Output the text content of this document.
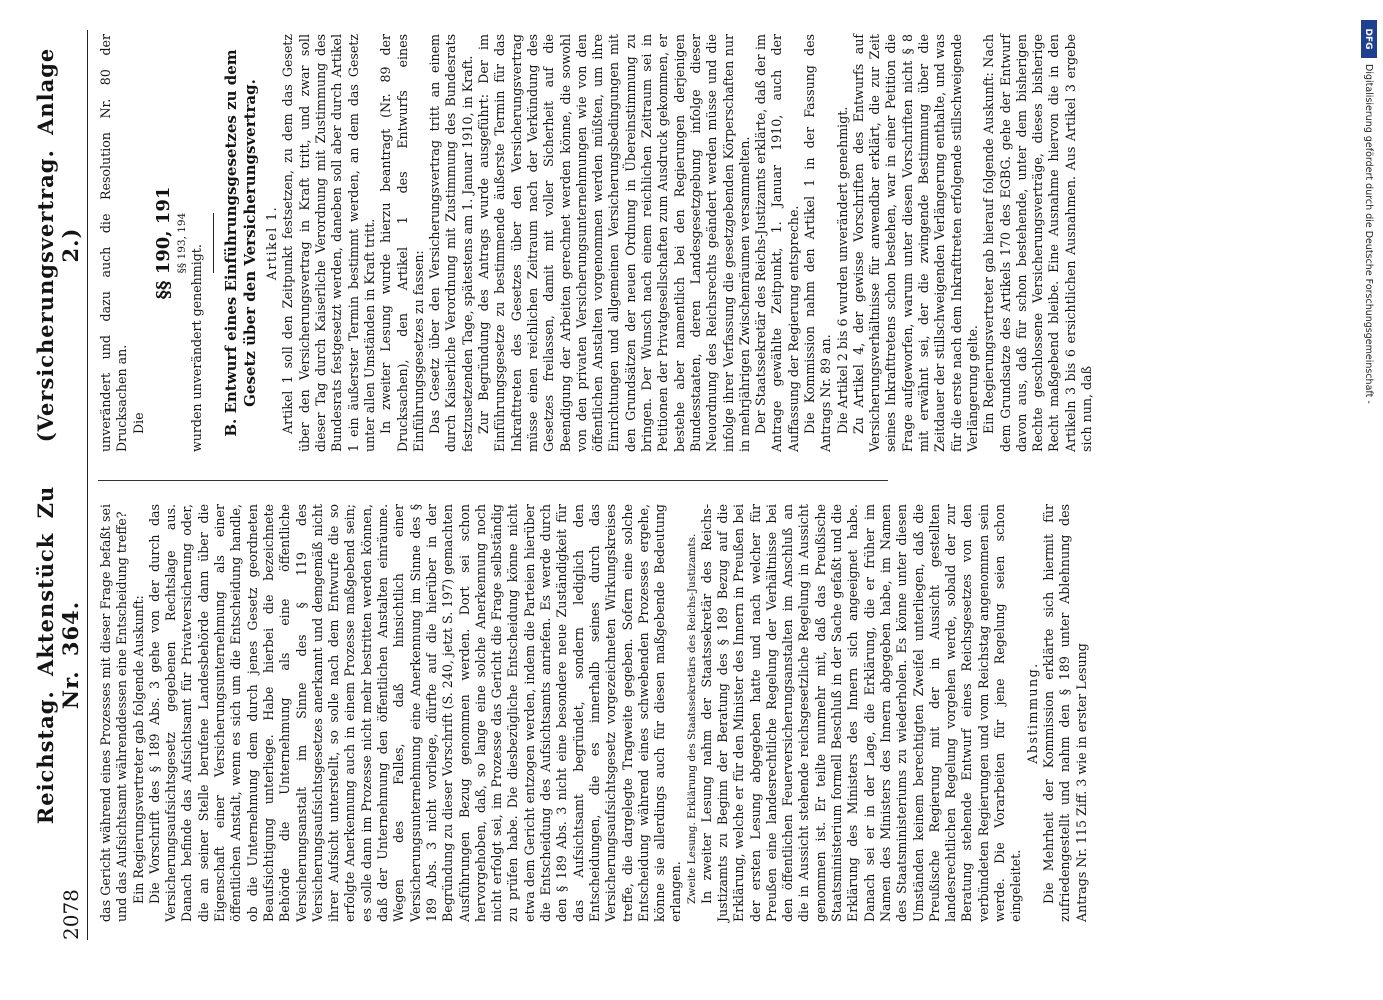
2078
Reichstag. Aktenstück Zu Nr. 364.
(Versicherungsvertrag. Anlage 2.)

das Gericht während eines Prozesses mit dieser Frage befaßt sei und das Aufsichtsamt währenddessen eine Entscheidung treffe? Ein Regierungsvertreter gab folgende Auskunft: Die Vorschrift des § 189 Abs. 3 gehe von der durch das Versicherungsaufsichtsgesetz gegebenen Rechtslage aus. Danach befinde das Aufsichtsamt für Privatversicherung oder, die an seiner Stelle berufene Landesbehörde dann über die Eigenschaft einer Versicherungsunternehmung als einer öffentlichen Anstalt, wenn es sich um die Entscheidung handle, ob die Unternehmung dem durch jenes Gesetz geordneten Beaufsichtigung unterliege. Habe hierbei die bezeichnete Behörde die Unternehmung als eine öffentliche Versicherungsanstalt im Sinne des § 119 des Versicherungsaufsichtsgesetzes anerkannt und demgemäß nicht ihrer Aufsicht unterstellt, so solle nach dem Entwurfe die so erfolgte Anerkennung auch in einem Prozesse maßgebend sein; es solle dann im Prozesse nicht mehr bestritten werden können, daß der Unternehmung den öffentlichen Anstalten einräume. Wegen des Falles, daß hinsichtlich einer Versicherungsunternehmung eine Anerkennung im Sinne des § 189 Abs. 3 nicht vorliege, dürfte auf die hierüber in der Begründung zu dieser Vorschrift (S. 240, jetzt S. 197) gemachten Ausführungen Bezug genommen werden. Dort sei schon hervorgehoben, daß, so lange eine solche Anerkennung noch nicht erfolgt sei, im Prozesse das Gericht die Frage selbständig zu prüfen habe. Die diesbezügliche Entscheidung könne nicht etwa dem Gericht entzogen werden, indem die Parteien hierüber die Entscheidung des Aufsichtsamts anriefen. Es werde durch den § 189 Abs. 3 nicht eine besondere neue Zuständigkeit für das Aufsichtsamt begründet, sondern lediglich den Entscheidungen, die es innerhalb seines durch das Versicherungsaufsichtsgesetz vorgezeichneten Wirkungskreises treffe, die dargelegte Tragweite gegeben. Sofern eine solche Entscheidung während eines schwebenden Prozesses ergehe, könne sie allerdings auch für diesen maßgebende Bedeutung erlangen. Zweite Lesung. Erklärung des Staatssekretärs des Reichs-Justizamts. In zweiter Lesung nahm der Staatssekretär des Reichs-Justizamts zu Beginn der Beratung des § 189 Bezug auf die Erklärung, welche er für den Minister des Innern in Preußen bei der ersten Lesung abgegeben hatte und nach welcher für Preußen eine landesrechtliche Regelung der Verhältnisse bei den öffentlichen Feuerversicherungsanstalten im Anschluß an die in Aussicht stehende reichsgesetzliche Regelung in Aussicht genommen ist. Er teilte nunmehr mit, daß das Preußische Staatsministerium formell Beschluß in der Sache gefaßt und die Erklärung des Ministers des Innern sich angeeignet habe. Danach sei er in der Lage, die Erklärung, die er früher im Namen des Ministers des Innern abgegeben habe, im Namen des Staatsministeriums zu wiederholen. Es könne unter diesen Umständen keinem berechtigten Zweifel unterliegen, daß die Preußische Regierung mit der in Aussicht gestellten landesrechtlichen Regelung vorgehen werde, sobald der zur Beratung stehende Entwurf eines Reichsgesetzes von den verbündeten Regierungen und vom Reichstag angenommen sein werde. Die Vorarbeiten für jene Regelung seien schon eingeleitet.

Abstimmung. Die Mehrheit der Kommission erklärte sich hiermit für zufriedengestellt und nahm den § 189 unter Ablehnung des Antrags Nr. 115 Ziff. 3 wie in erster Lesung

unverändert und dazu auch die Resolution Nr. 80 der Drucksachen an. Die

§§ 190, 191 §§ 193, 194

wurden unverändert genehmigt. B. Entwurf eines Einführungsgesetzes zu dem Gesetz über den Versicherungsvertrag. Artikel 1. Artikel 1 soll den Zeitpunkt festsetzen, zu dem das Gesetz über den Versicherungsvertrag in Kraft tritt, und zwar soll dieser Tag durch Kaiserliche Verordnung mit Zustimmung des Bundesrats festgesetzt werden, daneben soll aber durch Artikel 1 ein äußerster Termin bestimmt werden, an dem das Gesetz unter allen Umständen in Kraft tritt. In zweiter Lesung wurde hierzu beantragt (Nr. 89 der Drucksachen), den Artikel 1 des Entwurfs eines Einführungsgesetzes zu fassen: Das Gesetz über den Versicherungsvertrag tritt an einem durch Kaiserliche Verordnung mit Zustimmung des Bundesrats festzusetzenden Tage, spätestens am 1. Januar 1910, in Kraft. Zur Begründung des Antrags wurde ausgeführt: Der im Einführungsgesetze zu bestimmende äußerste Termin für das Inkrafttreten des Gesetzes über den Versicherungsvertrag müsse einen reichlichen Zeitraum nach der Verkündung des Gesetzes freilassen, damit mit voller Sicherheit auf die Beendigung der Arbeiten gerechnet werden könne, die sowohl von den privaten Versicherungsunternehmungen wie von den öffentlichen Anstalten vorgenommen werden müßten, um ihre Einrichtungen und allgemeinen Versicherungsbedingungen mit den Grundsätzen der neuen Ordnung in Übereinstimmung zu bringen. Der Wunsch nach einem reichlichen Zeitraum sei in Petitionen der Privatgesellschaften zum Ausdruck gekommen, er bestehe aber namentlich bei den Regierungen derjenigen Bundesstaaten, deren Landesgesetzgebung infolge dieser Neuordnung des Reichsrechts geändert werden müsse und die infolge ihrer Verfassung die gesetzgebenden Körperschaften nur in mehrjährigen Zwischenräumen versammelten. Der Staatssekretär des Reichs-Justizamts erklärte, daß der im Antrage gewählte Zeitpunkt, 1. Januar 1910, auch der Auffassung der Regierung entspreche. Die Kommission nahm den Artikel 1 in der Fassung des Antrags Nr. 89 an. Die Artikel 2 bis 6 wurden unverändert genehmigt. Zu Artikel 4, der gewisse Vorschriften des Entwurfs auf Versicherungsverhältnisse für anwendbar erklärt, die zur Zeit seines Inkrafttretens schon bestehen, war in einer Petition die Frage aufgeworfen, warum unter diesen Vorschriften nicht § 8 mit erwähnt sei, der die zwingende Bestimmung über die Zeitdauer der stillschweigenden Verlängerung enthalte, und was für die erste nach dem Inkrafttreten erfolgende stillschweigende Verlängerung gelte. Ein Regierungsvertreter gab hierauf folgende Auskunft: Nach dem Grundsatze des Artikels 170 des EGBG. gehe der Entwurf davon aus, daß für schon bestehende, unter dem bisherigen Rechte geschlossene Versicherungsverträge, dieses bisherige Recht maßgebend bleibe. Eine Ausnahme hiervon die in den Artikeln 3 bis 6 ersichtlichen Ausnahmen. Aus Artikel 3 ergebe sich nun, daß

DFG
Digitalisierung gefördert durch die Deutsche Forschungsgemeinschaft -
